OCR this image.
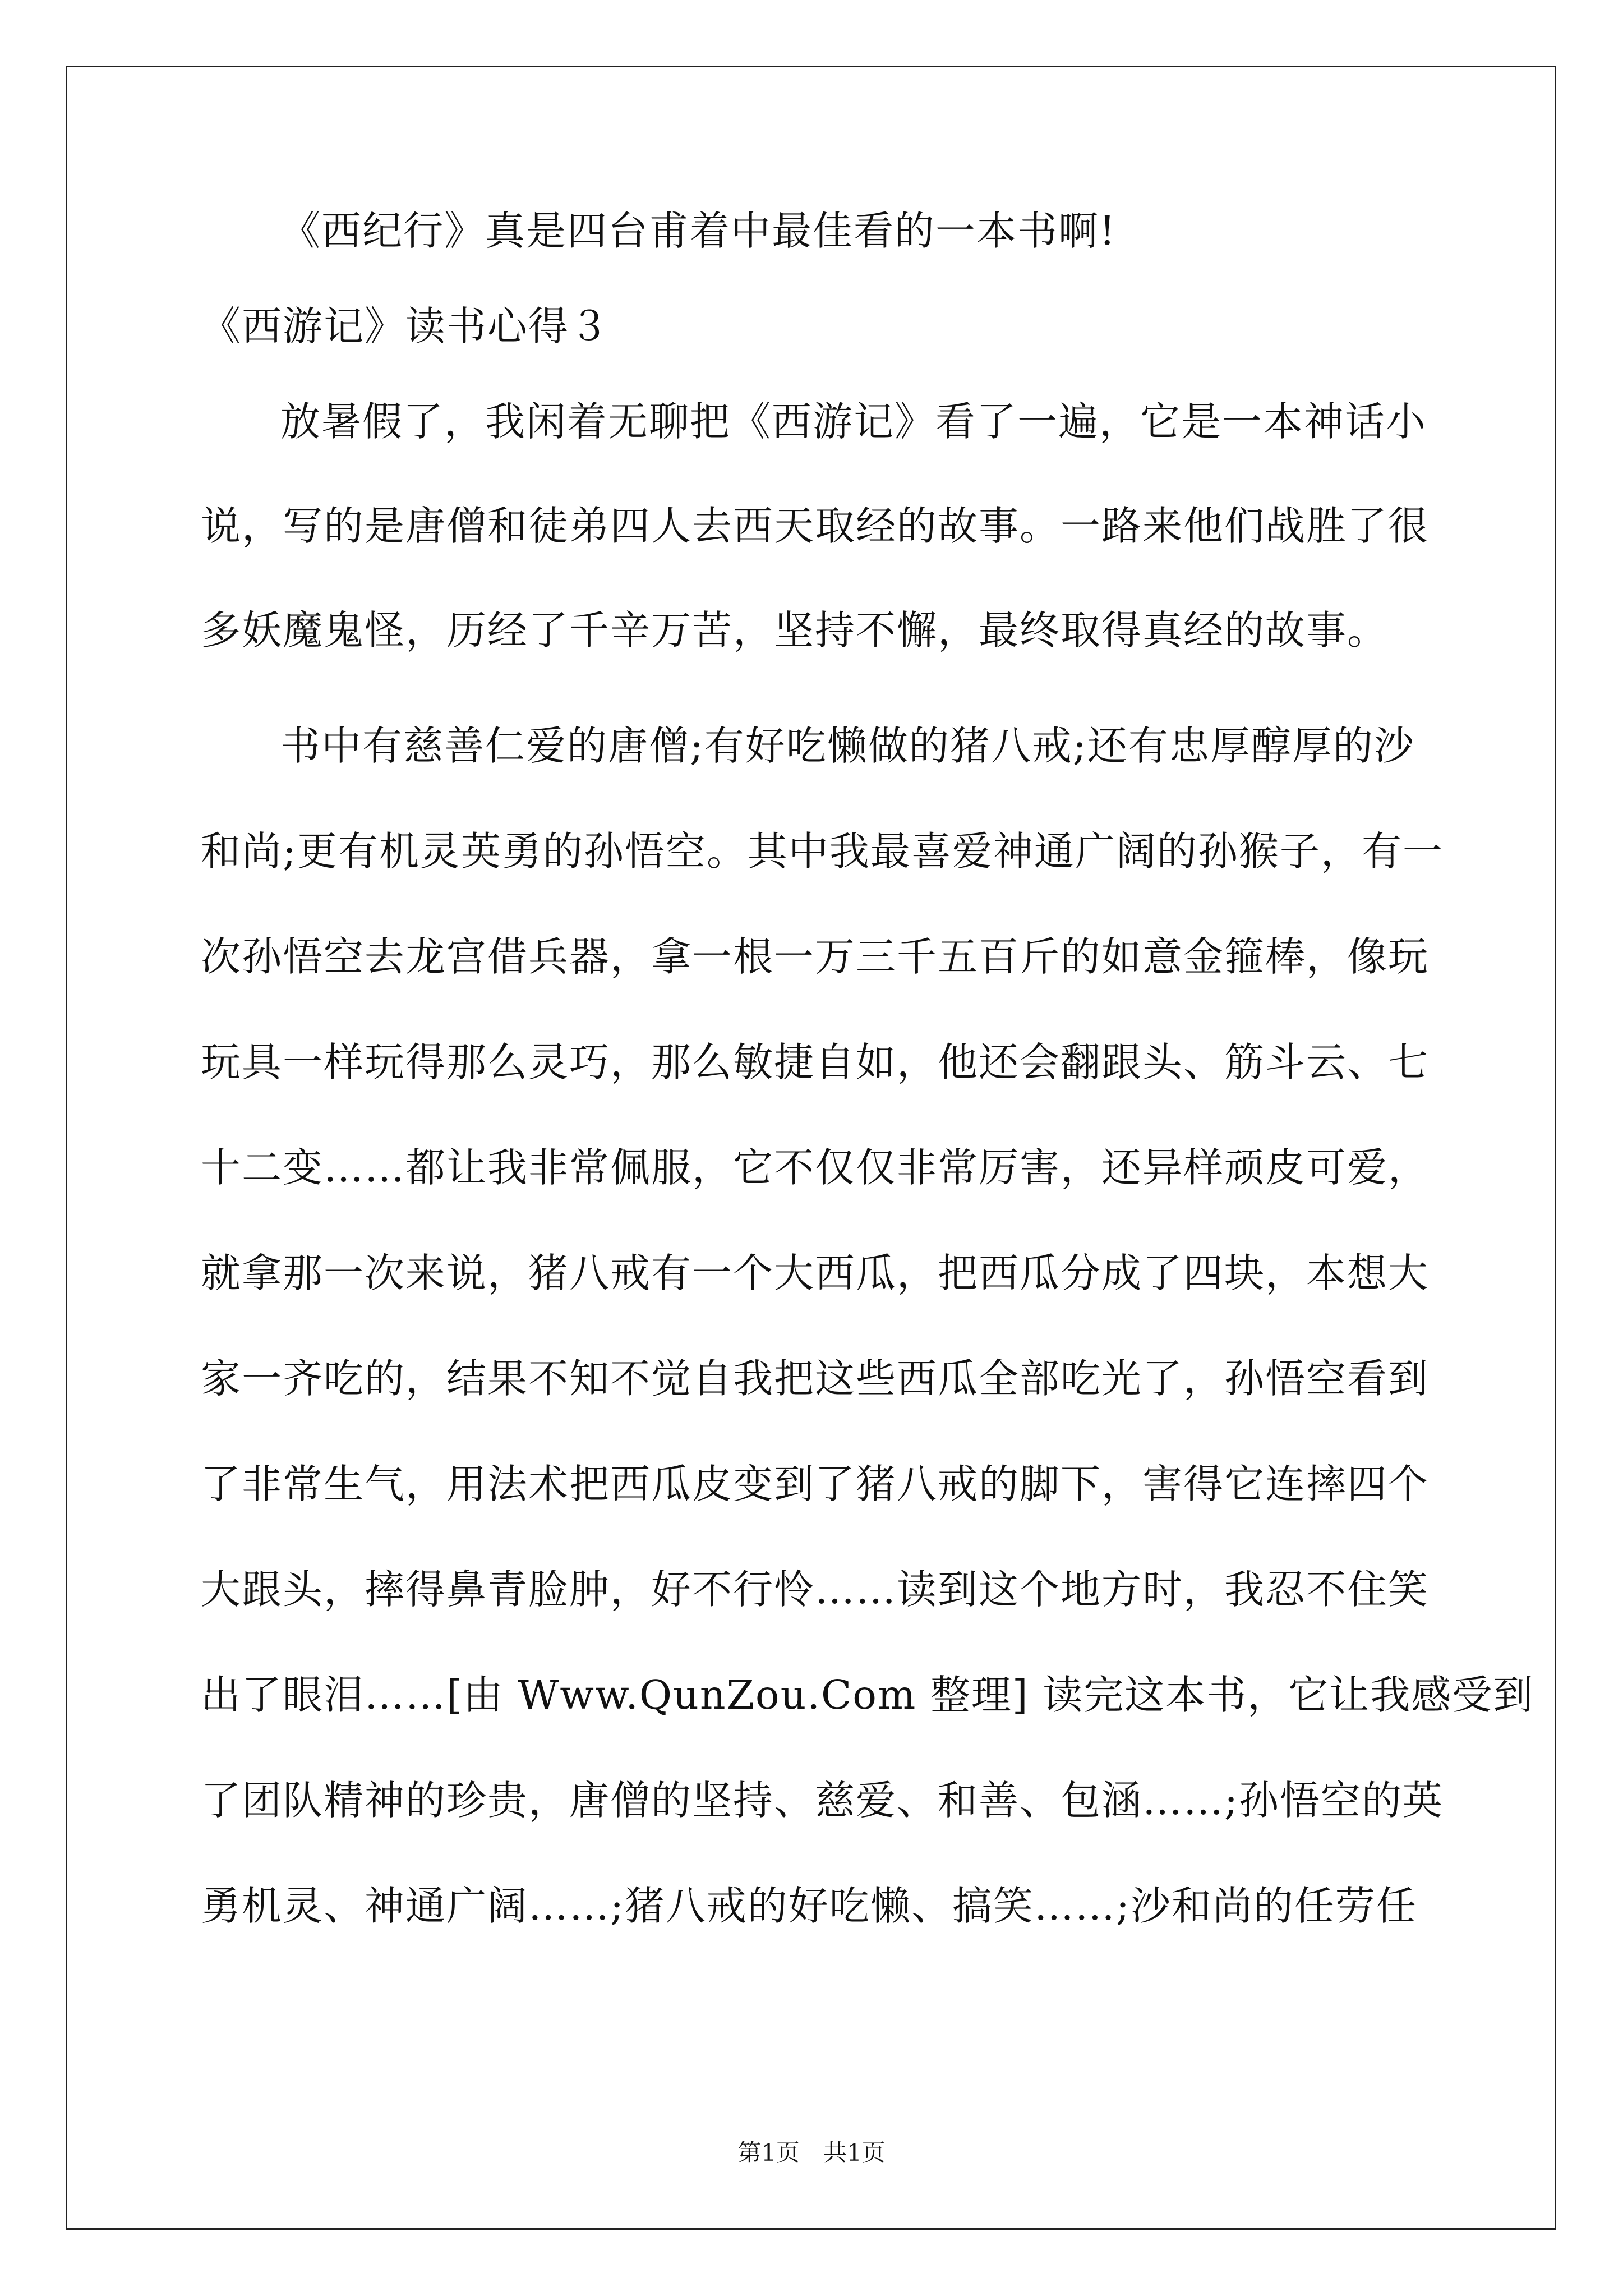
《西纪行》真是四台甫着中最佳看的一本书啊!
《西游记》读书心得３
放暑假了，我闲着无聊把《西游记》看了一遍，它是一本神话小
说，写的是唐僧和徒弟四人去西天取经的故事。一路来他们战胜了很
多妖魔鬼怪，历经了千辛万苦，坚持不懈，最终取得真经的故事。
书中有慈善仁爱的唐僧;有好吃懒做的猪八戒;还有忠厚醇厚的沙
和尚;更有机灵英勇的孙悟空。其中我最喜爱神通广阔的孙猴子，有一
次孙悟空去龙宫借兵器，拿一根一万三千五百斤的如意金箍棒，像玩
玩具一样玩得那么灵巧，那么敏捷自如，他还会翻跟头、筋斗云、七
十二变……都让我非常佩服，它不仅仅非常厉害，还异样顽皮可爱，
就拿那一次来说，猪八戒有一个大西瓜，把西瓜分成了四块，本想大
家一齐吃的，结果不知不觉自我把这些西瓜全部吃光了，孙悟空看到
了非常生气，用法术把西瓜皮变到了猪八戒的脚下，害得它连摔四个
大跟头，摔得鼻青脸肿，好不行怜……读到这个地方时，我忍不住笑
出了眼泪……[由 Www.QunZou.Com 整理] 读完这本书，它让我感受到
了团队精神的珍贵，唐僧的坚持、慈爱、和善、包涵……;孙悟空的英
勇机灵、神通广阔……;猪八戒的好吃懒、搞笑……;沙和尚的任劳任
第1页　共1页
